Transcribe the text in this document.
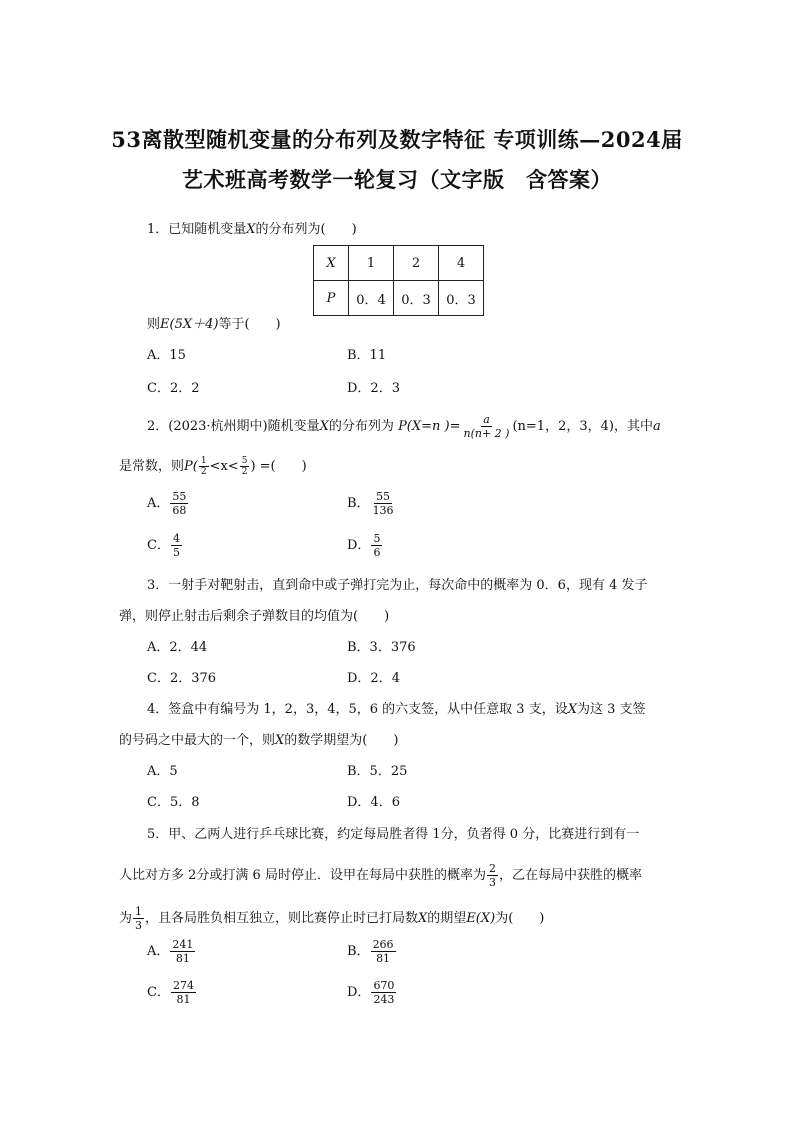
53离散型随机变量的分布列及数字特征 专项训练—2024届
艺术班高考数学一轮复习（文字版　含答案）
1．已知随机变量X的分布列为(　　)
X	1	2	4
P	0．4	0．3	0．3
则E(5X＋4)等于(　　)
A．15	B．11
C．2．2	D．2．3
2．(2023·杭州期中)随机变量X的分布列为 P(X=n )= $\frac{a}{n(n+ 2 )} (n=1$，2，3，4)，其中a
是常数，则$P( \frac{1}{2} <x< \frac{5}{2}$ ) =(　　)
A． $\frac{55}{68}$	B． $\frac{55}{136}$
C． $\frac{4}{5}$	D． $\frac{5}{6}$
3．一射手对靶射击，直到命中或子弹打完为止，每次命中的概率为 0．6，现有 4 发子
弹，则停止射击后剩余子弹数目的均值为(　　)
A．2．44	B．3．376
C．2．376	D．2．4
4．签盒中有编号为 1，2，3，4，5，6 的六支签，从中任意取 3 支，设X为这 3 支签
的号码之中最大的一个，则X的数学期望为(　　)
A．5	B．5．25
C．5．8	D．4．6
5．甲、乙两人进行乒乓球比赛，约定每局胜者得 1分，负者得 0 分，比赛进行到有一
人比对方多 2分或打满 6 局时停止．设甲在每局中获胜的概率为 $\frac{2}{3}$ ，乙在每局中获胜的概率
为 $\frac{1}{3}$ ，且各局胜负相互独立，则比赛停止时已打局数X的期望E(X)为(　　)
A． $\frac{241}{81}$	B． $\frac{266}{81}$
C． $\frac{274}{81}$	D． $\frac{670}{243}$
